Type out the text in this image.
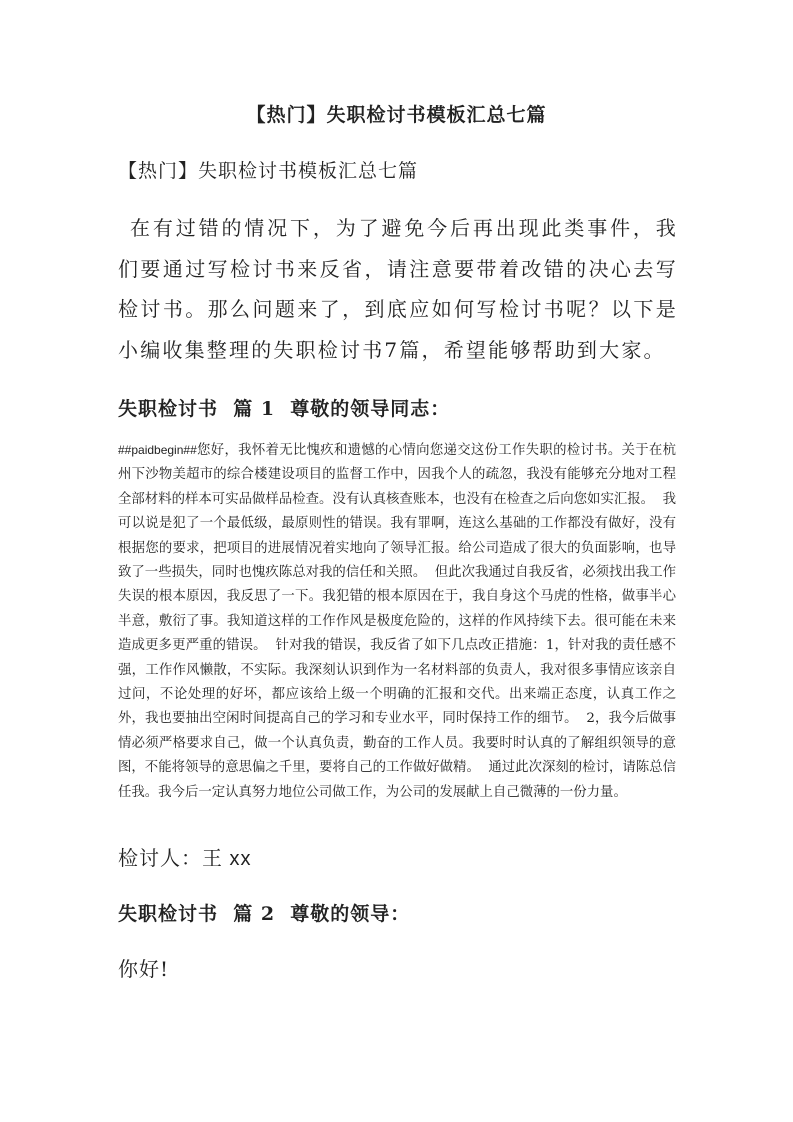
【热门】失职检讨书模板汇总七篇

【热门】失职检讨书模板汇总七篇

在有过错的情况下，为了避免今后再出现此类事件，我们要通过写检讨书来反省，请注意要带着改错的决心去写检讨书。那么问题来了，到底应如何写检讨书呢？以下是小编收集整理的失职检讨书7篇，希望能够帮助到大家。

失职检讨书  篇 1  尊敬的领导同志：

##paidbegin##您好，我怀着无比愧疚和遗憾的心情向您递交这份工作失职的检讨书。关于在杭州下沙物美超市的综合楼建设项目的监督工作中，因我个人的疏忽，我没有能够充分地对工程全部材料的样本可实品做样品检查。没有认真核查账本，也没有在检查之后向您如实汇报。  我可以说是犯了一个最低级，最原则性的错误。我有罪啊，连这么基础的工作都没有做好，没有根据您的要求，把项目的进展情况着实地向了领导汇报。给公司造成了很大的负面影响，也导致了一些损失，同时也愧疚陈总对我的信任和关照。  但此次我通过自我反省，必须找出我工作失误的根本原因，我反思了一下。我犯错的根本原因在于，我自身这个马虎的性格，做事半心半意，敷衍了事。我知道这样的工作作风是极度危险的，这样的作风持续下去。很可能在未来造成更多更严重的错误。  针对我的错误，我反省了如下几点改正措施：1，针对我的责任感不强，工作作风懒散，不实际。我深刻认识到作为一名材料部的负责人，我对很多事情应该亲自过问，不论处理的好坏，都应该给上级一个明确的汇报和交代。出来端正态度，认真工作之外，我也要抽出空闲时间提高自己的学习和专业水平，同时保持工作的细节。  2，我今后做事情必须严格要求自己，做一个认真负责，勤奋的工作人员。我要时时认真的了解组织领导的意图，不能将领导的意思偏之千里，要将自己的工作做好做精。  通过此次深刻的检讨，请陈总信任我。我今后一定认真努力地位公司做工作，为公司的发展献上自己微薄的一份力量。

检讨人：王 xx

失职检讨书  篇 2  尊敬的领导：

你好!
